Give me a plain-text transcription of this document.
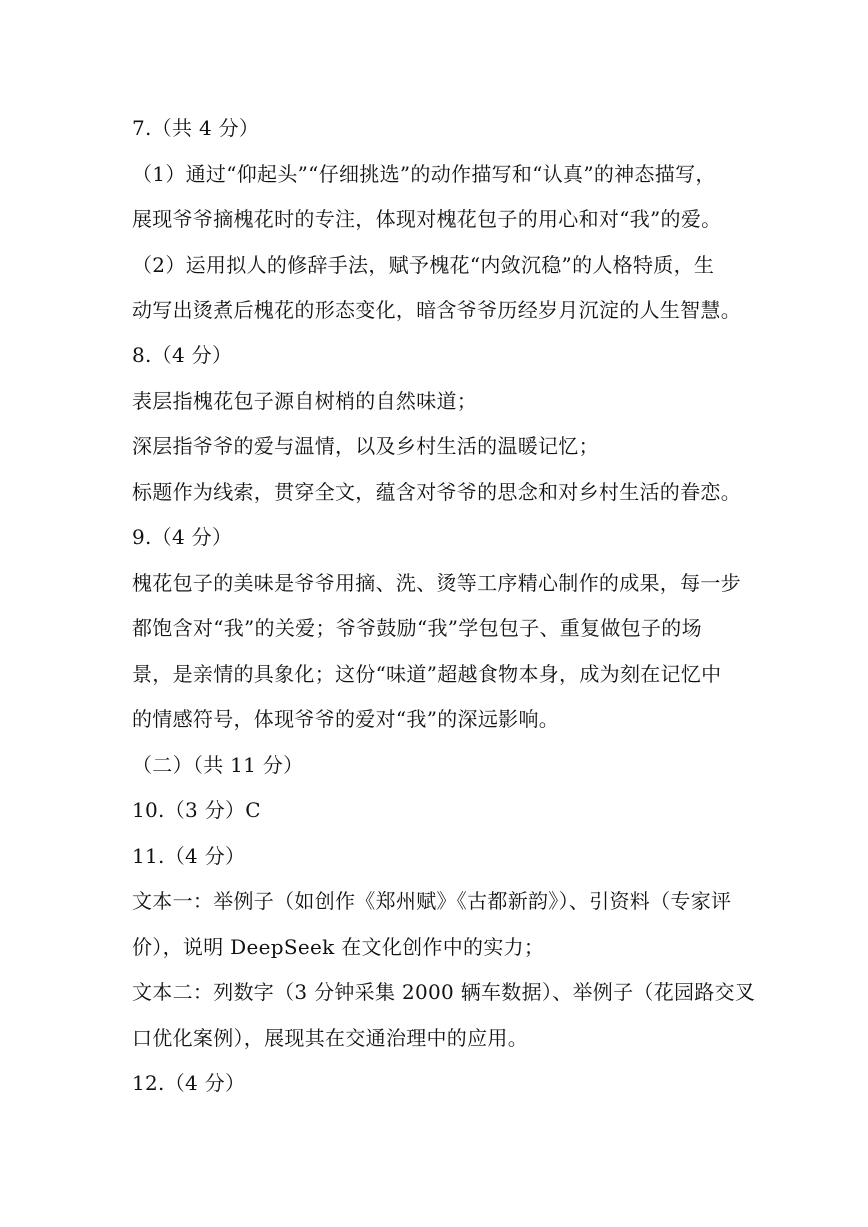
7.（共 4 分）
（1）通过“仰起头”“仔细挑选”的动作描写和“认真”的神态描写，
展现爷爷摘槐花时的专注，体现对槐花包子的用心和对“我”的爱。
（2）运用拟人的修辞手法，赋予槐花“内敛沉稳”的人格特质，生
动写出烫煮后槐花的形态变化，暗含爷爷历经岁月沉淀的人生智慧。
8.（4 分）
表层指槐花包子源自树梢的自然味道；
深层指爷爷的爱与温情，以及乡村生活的温暖记忆；
标题作为线索，贯穿全文，蕴含对爷爷的思念和对乡村生活的眷恋。
9.（4 分）
槐花包子的美味是爷爷用摘、洗、烫等工序精心制作的成果，每一步
都饱含对“我”的关爱；爷爷鼓励“我”学包包子、重复做包子的场
景，是亲情的具象化；这份“味道”超越食物本身，成为刻在记忆中
的情感符号，体现爷爷的爱对“我”的深远影响。
（二）（共 11 分）
10.（3 分）C
11.（4 分）
文本一：举例子（如创作《郑州赋》《古都新韵》）、引资料（专家评
价），说明 DeepSeek 在文化创作中的实力；
文本二：列数字（3 分钟采集 2000 辆车数据）、举例子（花园路交叉
口优化案例），展现其在交通治理中的应用。
12.（4 分）
